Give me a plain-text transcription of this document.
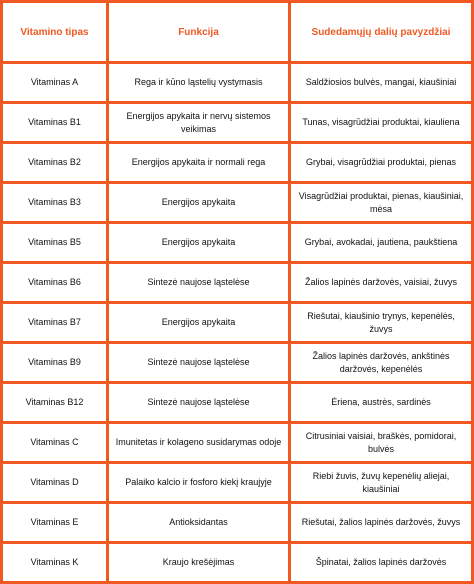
Vitamino tipas	Funkcija	Sudedamųjų dalių pavyzdžiai
Vitaminas A	Regа ir kūno ląstelių vystymasis	Saldžiosios bulvės, mangai, kiaušiniai
Vitaminas B1	Energijos apykaita ir nervų sistemos veikimas	Tunas, visagrūdžiai produktai, kiauliena
Vitaminas B2	Energijos apykaita ir normali rega	Grybai, visagrūdžiai produktai, pienas
Vitaminas B3	Energijos apykaita	Visagrūdžiai produktai, pienas, kiaušiniai, mėsa
Vitaminas B5	Energijos apykaita	Grybai, avokadai, jautiena, paukštiena
Vitaminas B6	Sintezė naujose ląstelėse	Žalios lapinės daržovės, vaisiai, žuvys
Vitaminas B7	Energijos apykaita	Riešutai, kiaušinio trynys, kepenėlės, žuvys
Vitaminas B9	Sintezė naujose ląstelėse	Žalios lapinės daržovės, ankštinės daržovės, kepenėlės
Vitaminas B12	Sintezė naujose ląstelėse	Ėriena, austrės, sardinės
Vitaminas C	Imunitetas ir kolageno susidarymas odoje	Citrusiniai vaisiai, braškės, pomidorai, bulvės
Vitaminas D	Palaiko kalcio ir fosforo kiekį kraujyje	Riebi žuvis, žuvų kepenėlių aliejai, kiaušiniai
Vitaminas E	Antioksidantas	Riešutai, žalios lapinės daržovės, žuvys
Vitaminas K	Kraujo krešėjimas	Špinatai, žalios lapinės daržovės
